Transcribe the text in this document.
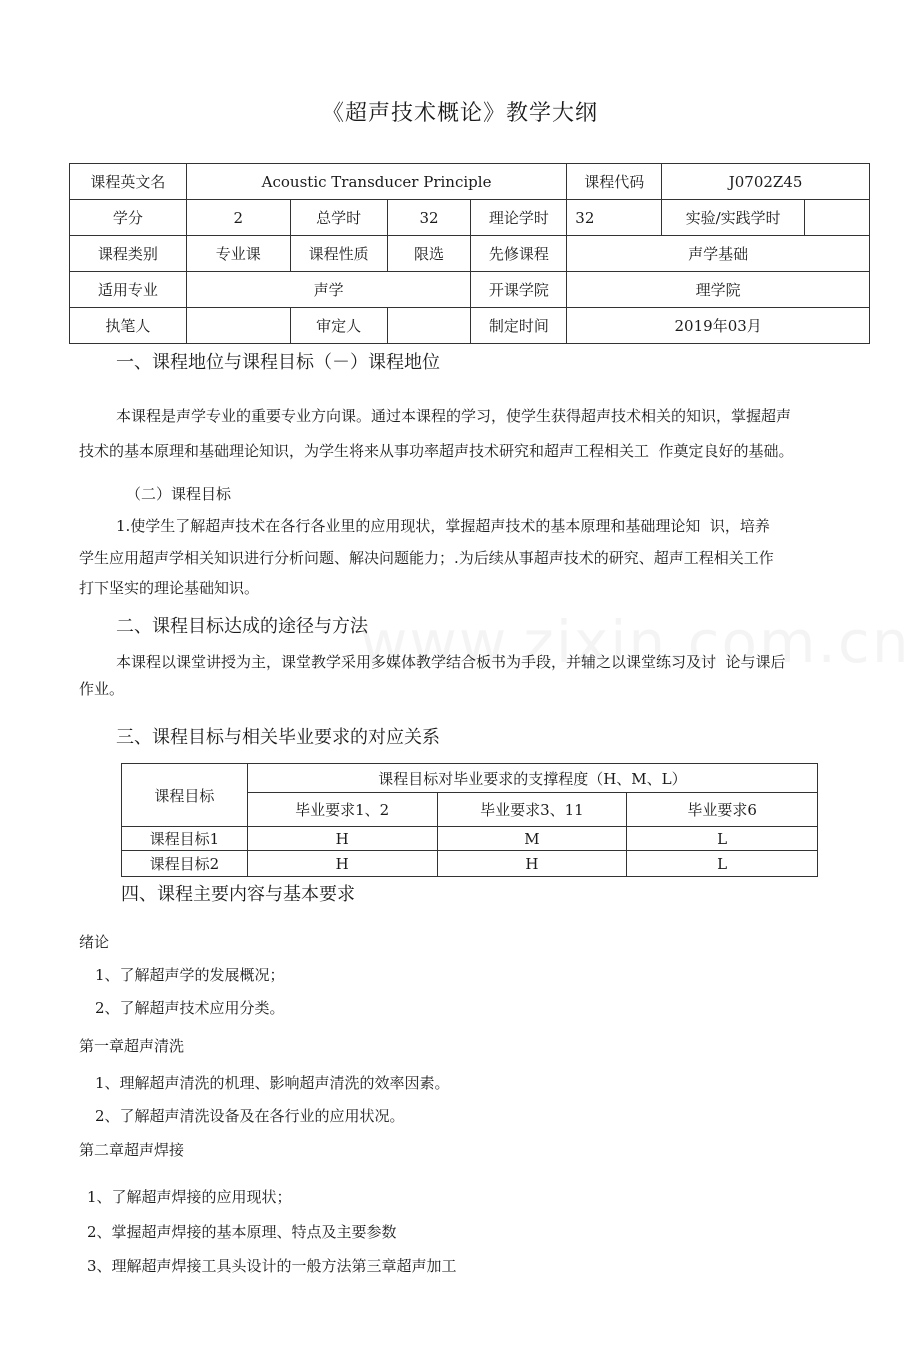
《超声技术概论》教学大纲
课程英文名	Acoustic Transducer Principle				课程代码	J0702Z45	
学分	2	总学时	32	理论学时	32	实验/实践学时	
课程类别	专业课	课程性质	限选	先修课程	声学基础		
适用专业	声学			开课学院	理学院		
执笔人		审定人		制定时间	2019年03月		
一、课程地位与课程目标（－）课程地位
本课程是声学专业的重要专业方向课。通过本课程的学习，使学生获得超声技术相关的知识，掌握超声
技术的基本原理和基础理论知识，为学生将来从事功率超声技术研究和超声工程相关工  作奠定良好的基础。
（二）课程目标
1.使学生了解超声技术在各行各业里的应用现状，掌握超声技术的基本原理和基础理论知  识，培养
学生应用超声学相关知识进行分析问题、解决问题能力；.为后续从事超声技术的研究、超声工程相关工作
打下坚实的理论基础知识。
二、课程目标达成的途径与方法
本课程以课堂讲授为主，课堂教学采用多媒体教学结合板书为手段，并辅之以课堂练习及讨  论与课后
作业。
三、课程目标与相关毕业要求的对应关系
课程目标	课程目标对毕业要求的支撑程度（H、M、L）		
	毕业要求1、2	毕业要求3、11	毕业要求6
课程目标1	H	M	L
课程目标2	H	H	L
四、课程主要内容与基本要求
绪论
1、了解超声学的发展概况；
2、了解超声技术应用分类。
第一章超声清洗
1、理解超声清洗的机理、影响超声清洗的效率因素。
2、了解超声清洗设备及在各行业的应用状况。
第二章超声焊接
1、了解超声焊接的应用现状；
2、掌握超声焊接的基本原理、特点及主要参数
3、理解超声焊接工具头设计的一般方法第三章超声加工
